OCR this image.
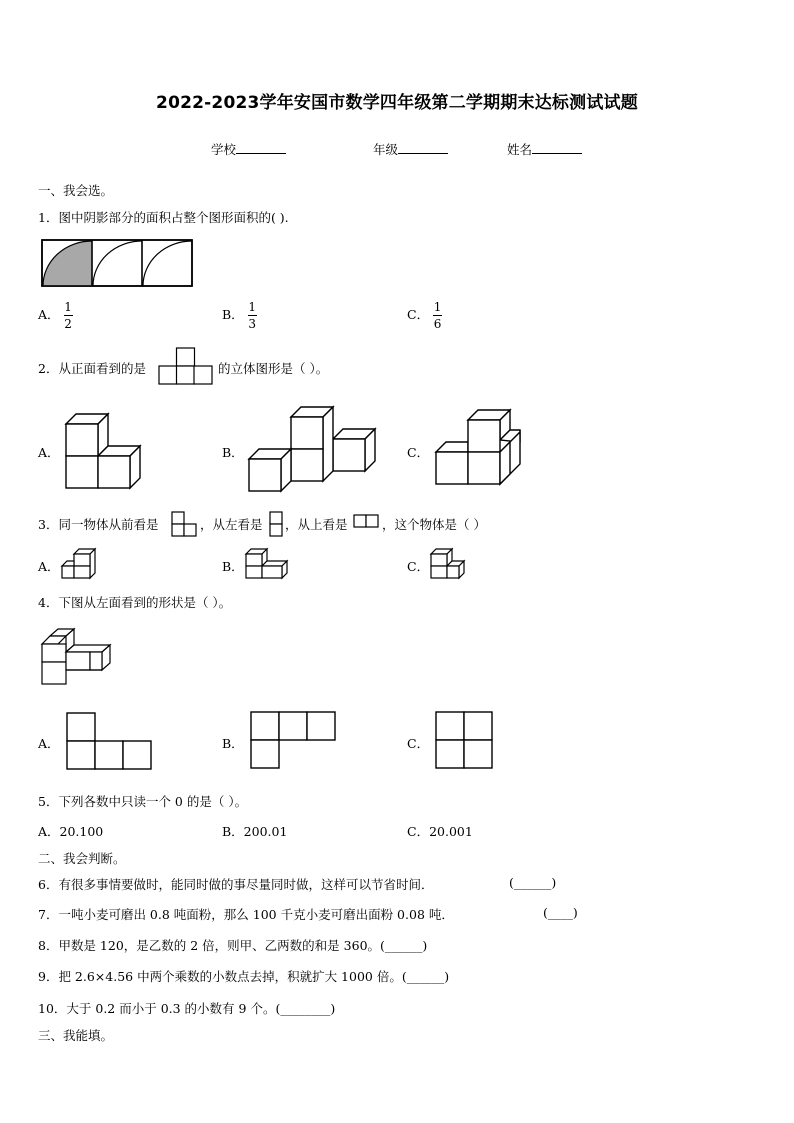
2022-2023学年安国市数学四年级第二学期期末达标测试试题
学校	年级	姓名
一、我会选。
1．图中阴影部分的面积占整个图形面积的( ).
A． $\frac{1}{2}$	B． $\frac{1}{3}$	C． $\frac{1}{6}$
2．从正面看到的是	的立体图形是（ ）。
A．	B．	C．
3．同一物体从前看是	，从左看是 ，从上看是	，这个物体是（ ）
A．	B．	C．
4．下图从左面看到的形状是（ ）。
A．	B．	C．
5．下列各数中只读一个 0 的是（ ）。
A．20.100	B．200.01	C．20.001
二、我会判断。
6．有很多事情要做时，能同时做的事尽量同时做，这样可以节省时间．	(______)
7．一吨小麦可磨出 0.8 吨面粉，那么 100 千克小麦可磨出面粉 0.08 吨．	(____)
8．甲数是 120，是乙数的 2 倍，则甲、乙两数的和是 360。(______)
9．把 2.6×4.56 中两个乘数的小数点去掉，积就扩大 1000 倍。(______)
10．大于 0.2 而小于 0.3 的小数有 9 个。(________)
三、我能填。
